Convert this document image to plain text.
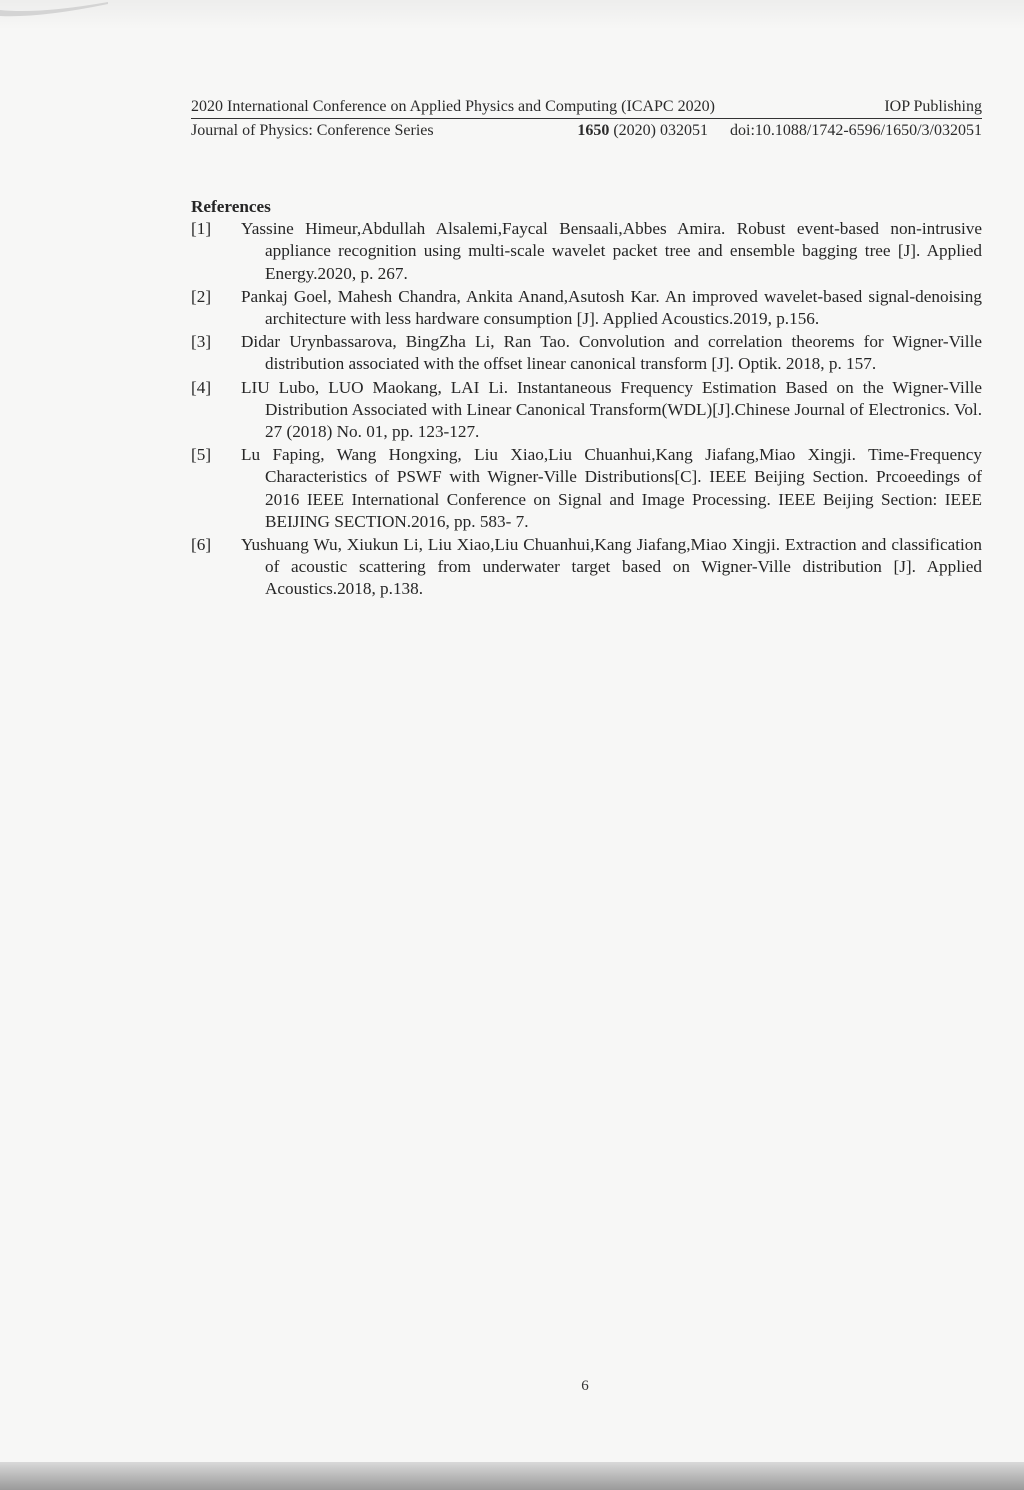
2020 International Conference on Applied Physics and Computing (ICAPC 2020)	IOP Publishing
Journal of Physics: Conference Series	1650 (2020) 032051 doi:10.1088/1742-6596/1650/3/032051
References
[1]	Yassine Himeur,Abdullah Alsalemi,Faycal Bensaali,Abbes Amira. Robust event-based non-intrusive appliance recognition using multi-scale wavelet packet tree and ensemble bagging tree [J]. Applied Energy.2020, p. 267.
[2]	Pankaj Goel, Mahesh Chandra, Ankita Anand,Asutosh Kar. An improved wavelet-based signal-denoising architecture with less hardware consumption [J]. Applied Acoustics.2019, p.156.
[3]	Didar Urynbassarova, BingZha Li, Ran Tao. Convolution and correlation theorems for Wigner-Ville distribution associated with the offset linear canonical transform [J]. Optik. 2018, p. 157.
[4]	LIU Lubo, LUO Maokang, LAI Li. Instantaneous Frequency Estimation Based on the Wigner-Ville Distribution Associated with Linear Canonical Transform(WDL)[J].Chinese Journal of Electronics. Vol. 27 (2018) No. 01, pp. 123-127.
[5]	Lu Faping, Wang Hongxing, Liu Xiao,Liu Chuanhui,Kang Jiafang,Miao Xingji. Time-Frequency Characteristics of PSWF with Wigner-Ville Distributions[C]. IEEE Beijing Section. Prcoeedings of 2016 IEEE International Conference on Signal and Image Processing. IEEE Beijing Section: IEEE BEIJING SECTION.2016, pp. 583- 7.
[6]	Yushuang Wu, Xiukun Li, Liu Xiao,Liu Chuanhui,Kang Jiafang,Miao Xingji. Extraction and classification of acoustic scattering from underwater target based on Wigner-Ville distribution [J]. Applied Acoustics.2018, p.138.
6
